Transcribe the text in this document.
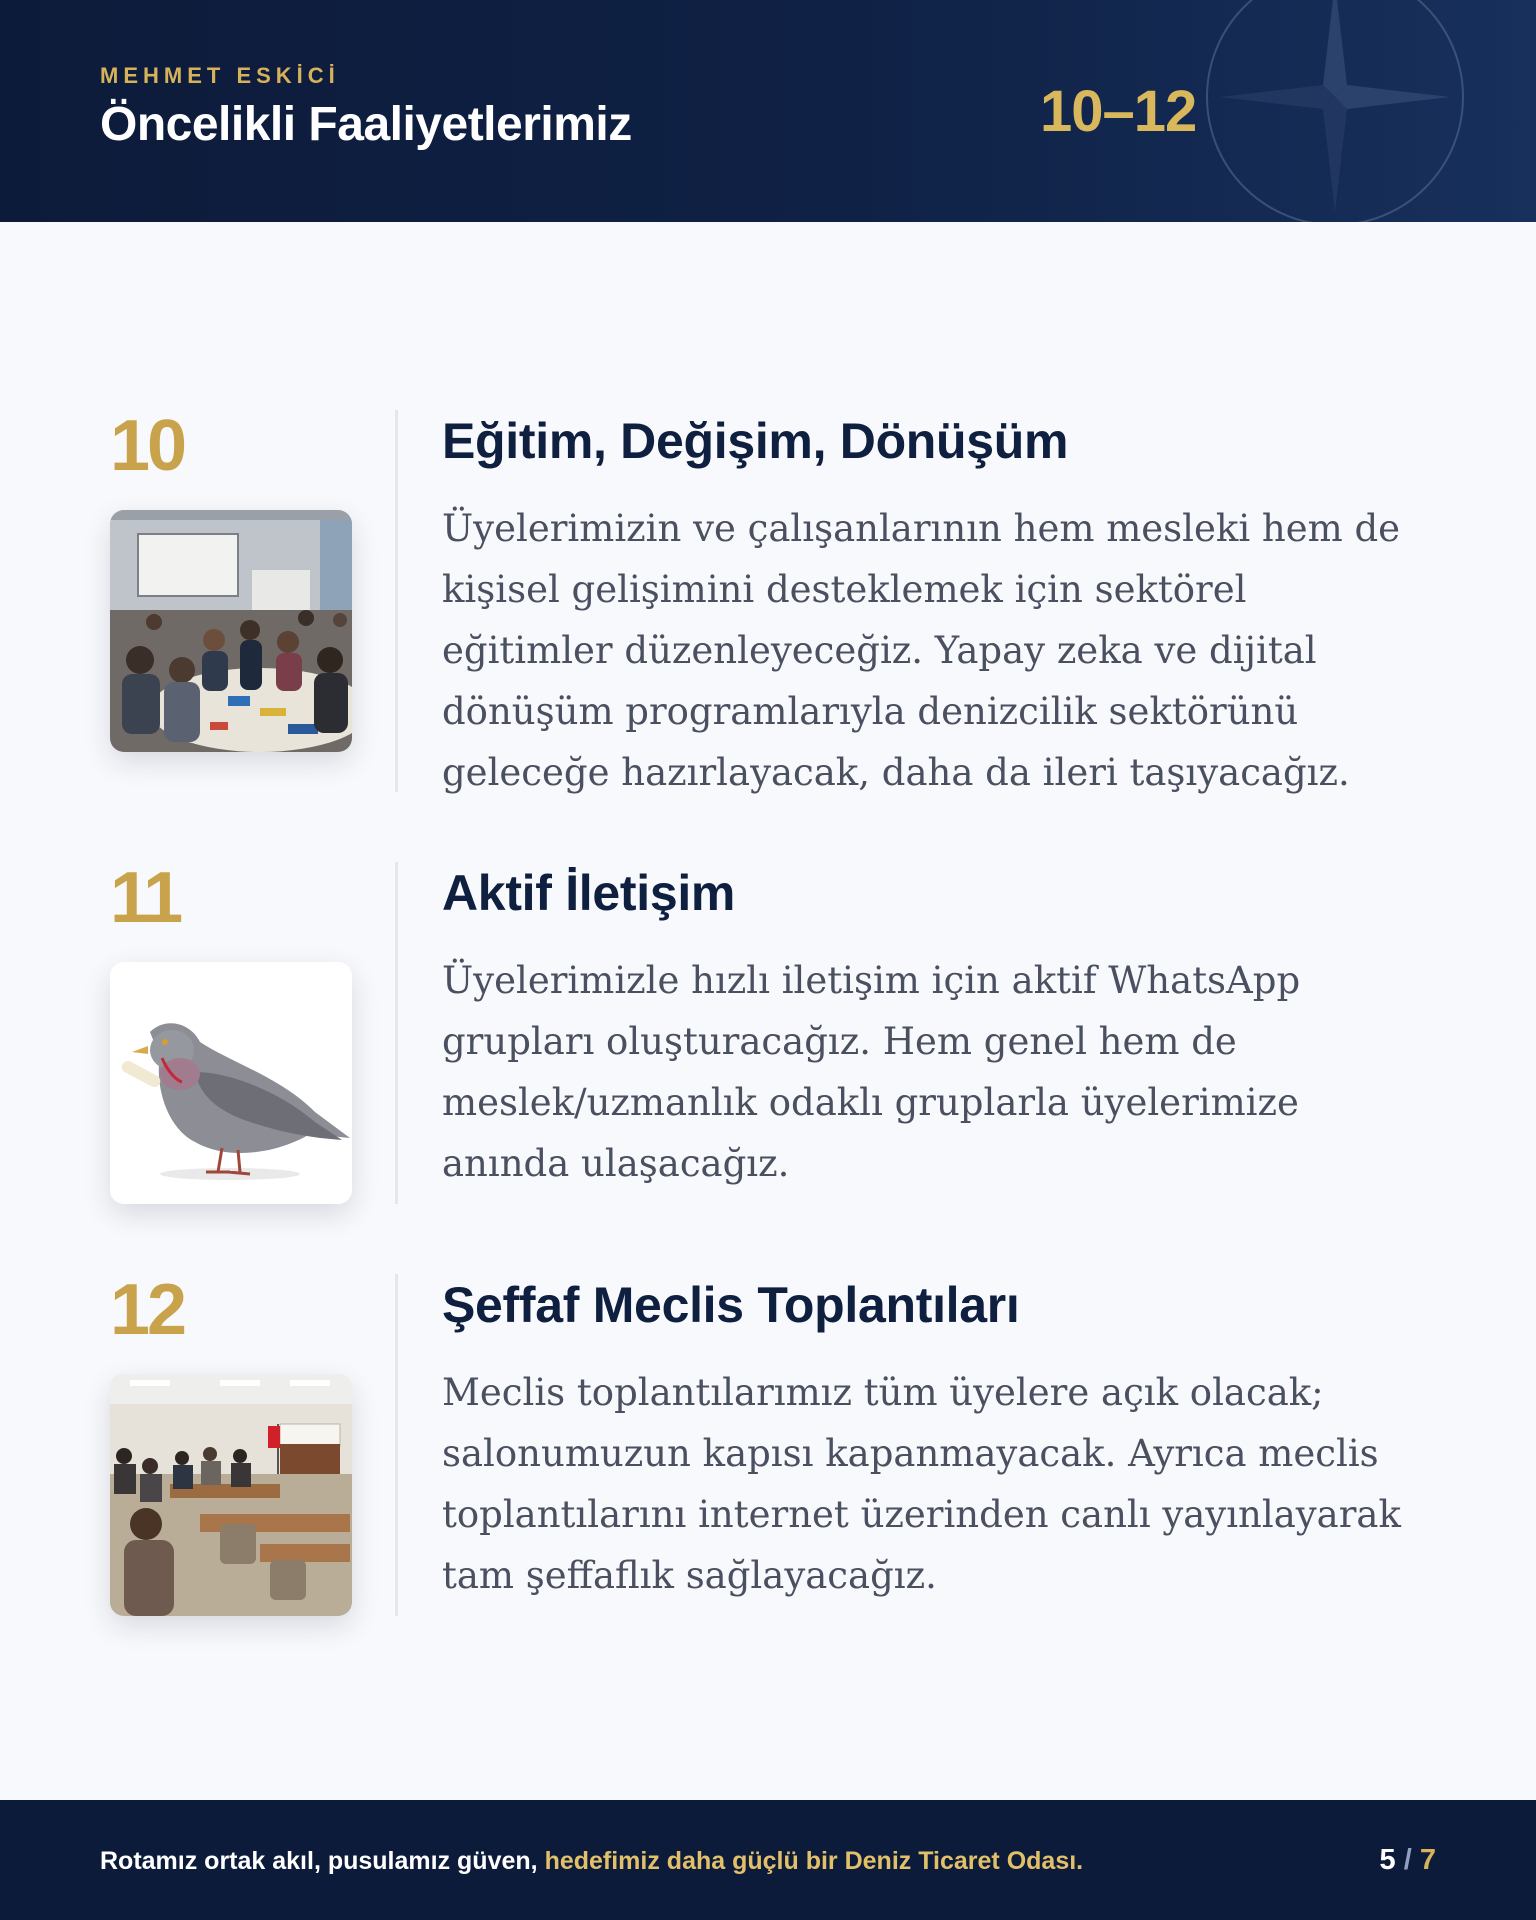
MEHMET ESKİCİ
Öncelikli Faaliyetlerimiz	10–12
10	Eğitim, Değişim, Dönüşüm
Üyelerimizin ve çalışanlarının hem mesleki hem de kişisel gelişimini desteklemek için sektörel eğitimler düzenleyeceğiz. Yapay zeka ve dijital dönüşüm programlarıyla denizcilik sektörünü geleceğe hazırlayacak, daha da ileri taşıyacağız.
11	Aktif İletişim
Üyelerimizle hızlı iletişim için aktif WhatsApp grupları oluşturacağız. Hem genel hem de meslek/uzmanlık odaklı gruplarla üyelerimize anında ulaşacağız.
12	Şeffaf Meclis Toplantıları
Meclis toplantılarımız tüm üyelere açık olacak; salonumuzun kapısı kapanmayacak. Ayrıca meclis toplantılarını internet üzerinden canlı yayınlayarak tam şeffaflık sağlayacağız.
Rotamız ortak akıl, pusulamız güven, hedefimiz daha güçlü bir Deniz Ticaret Odası.	5 / 7
